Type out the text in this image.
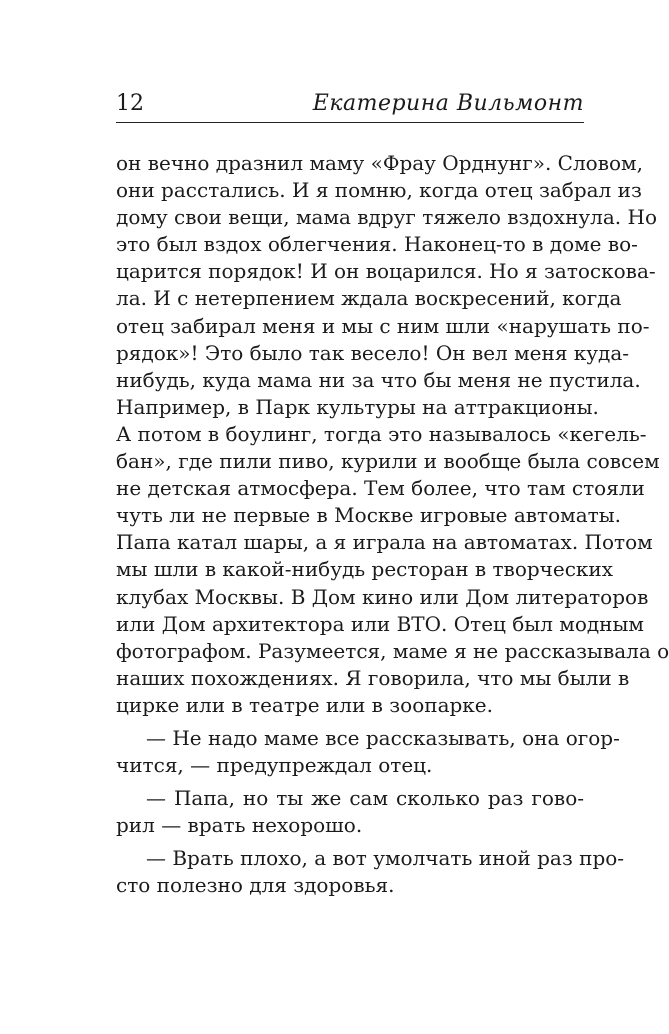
12	Екатерина Вильмонт
он вечно дразнил маму «Фрау Орднунг». Словом,
они расстались. И я помню, когда отец забрал из
дому свои вещи, мама вдруг тяжело вздохнула. Но
это был вздох облегчения. Наконец-то в доме во-
царится порядок! И он воцарился. Но я затоскова-
ла. И с нетерпением ждала воскресений, когда
отец забирал меня и мы с ним шли «нарушать по-
рядок»! Это было так весело! Он вел меня куда-
нибудь, куда мама ни за что бы меня не пустила.
Например, в Парк культуры на аттракционы.
А потом в боулинг, тогда это называлось «кегель-
бан», где пили пиво, курили и вообще была совсем
не детская атмосфера. Тем более, что там стояли
чуть ли не первые в Москве игровые автоматы.
Папа катал шары, а я играла на автоматах. Потом
мы шли в какой-нибудь ресторан в творческих
клубах Москвы. В Дом кино или Дом литераторов
или Дом архитектора или ВТО. Отец был модным
фотографом. Разумеется, маме я не рассказывала о
наших похождениях. Я говорила, что мы были в
цирке или в театре или в зоопарке.
— Не надо маме все рассказывать, она огор-
чится, — предупреждал отец.
— Папа, но ты же сам сколько раз гово-
рил — врать нехорошо.
— Врать плохо, а вот умолчать иной раз про-
сто полезно для здоровья.
